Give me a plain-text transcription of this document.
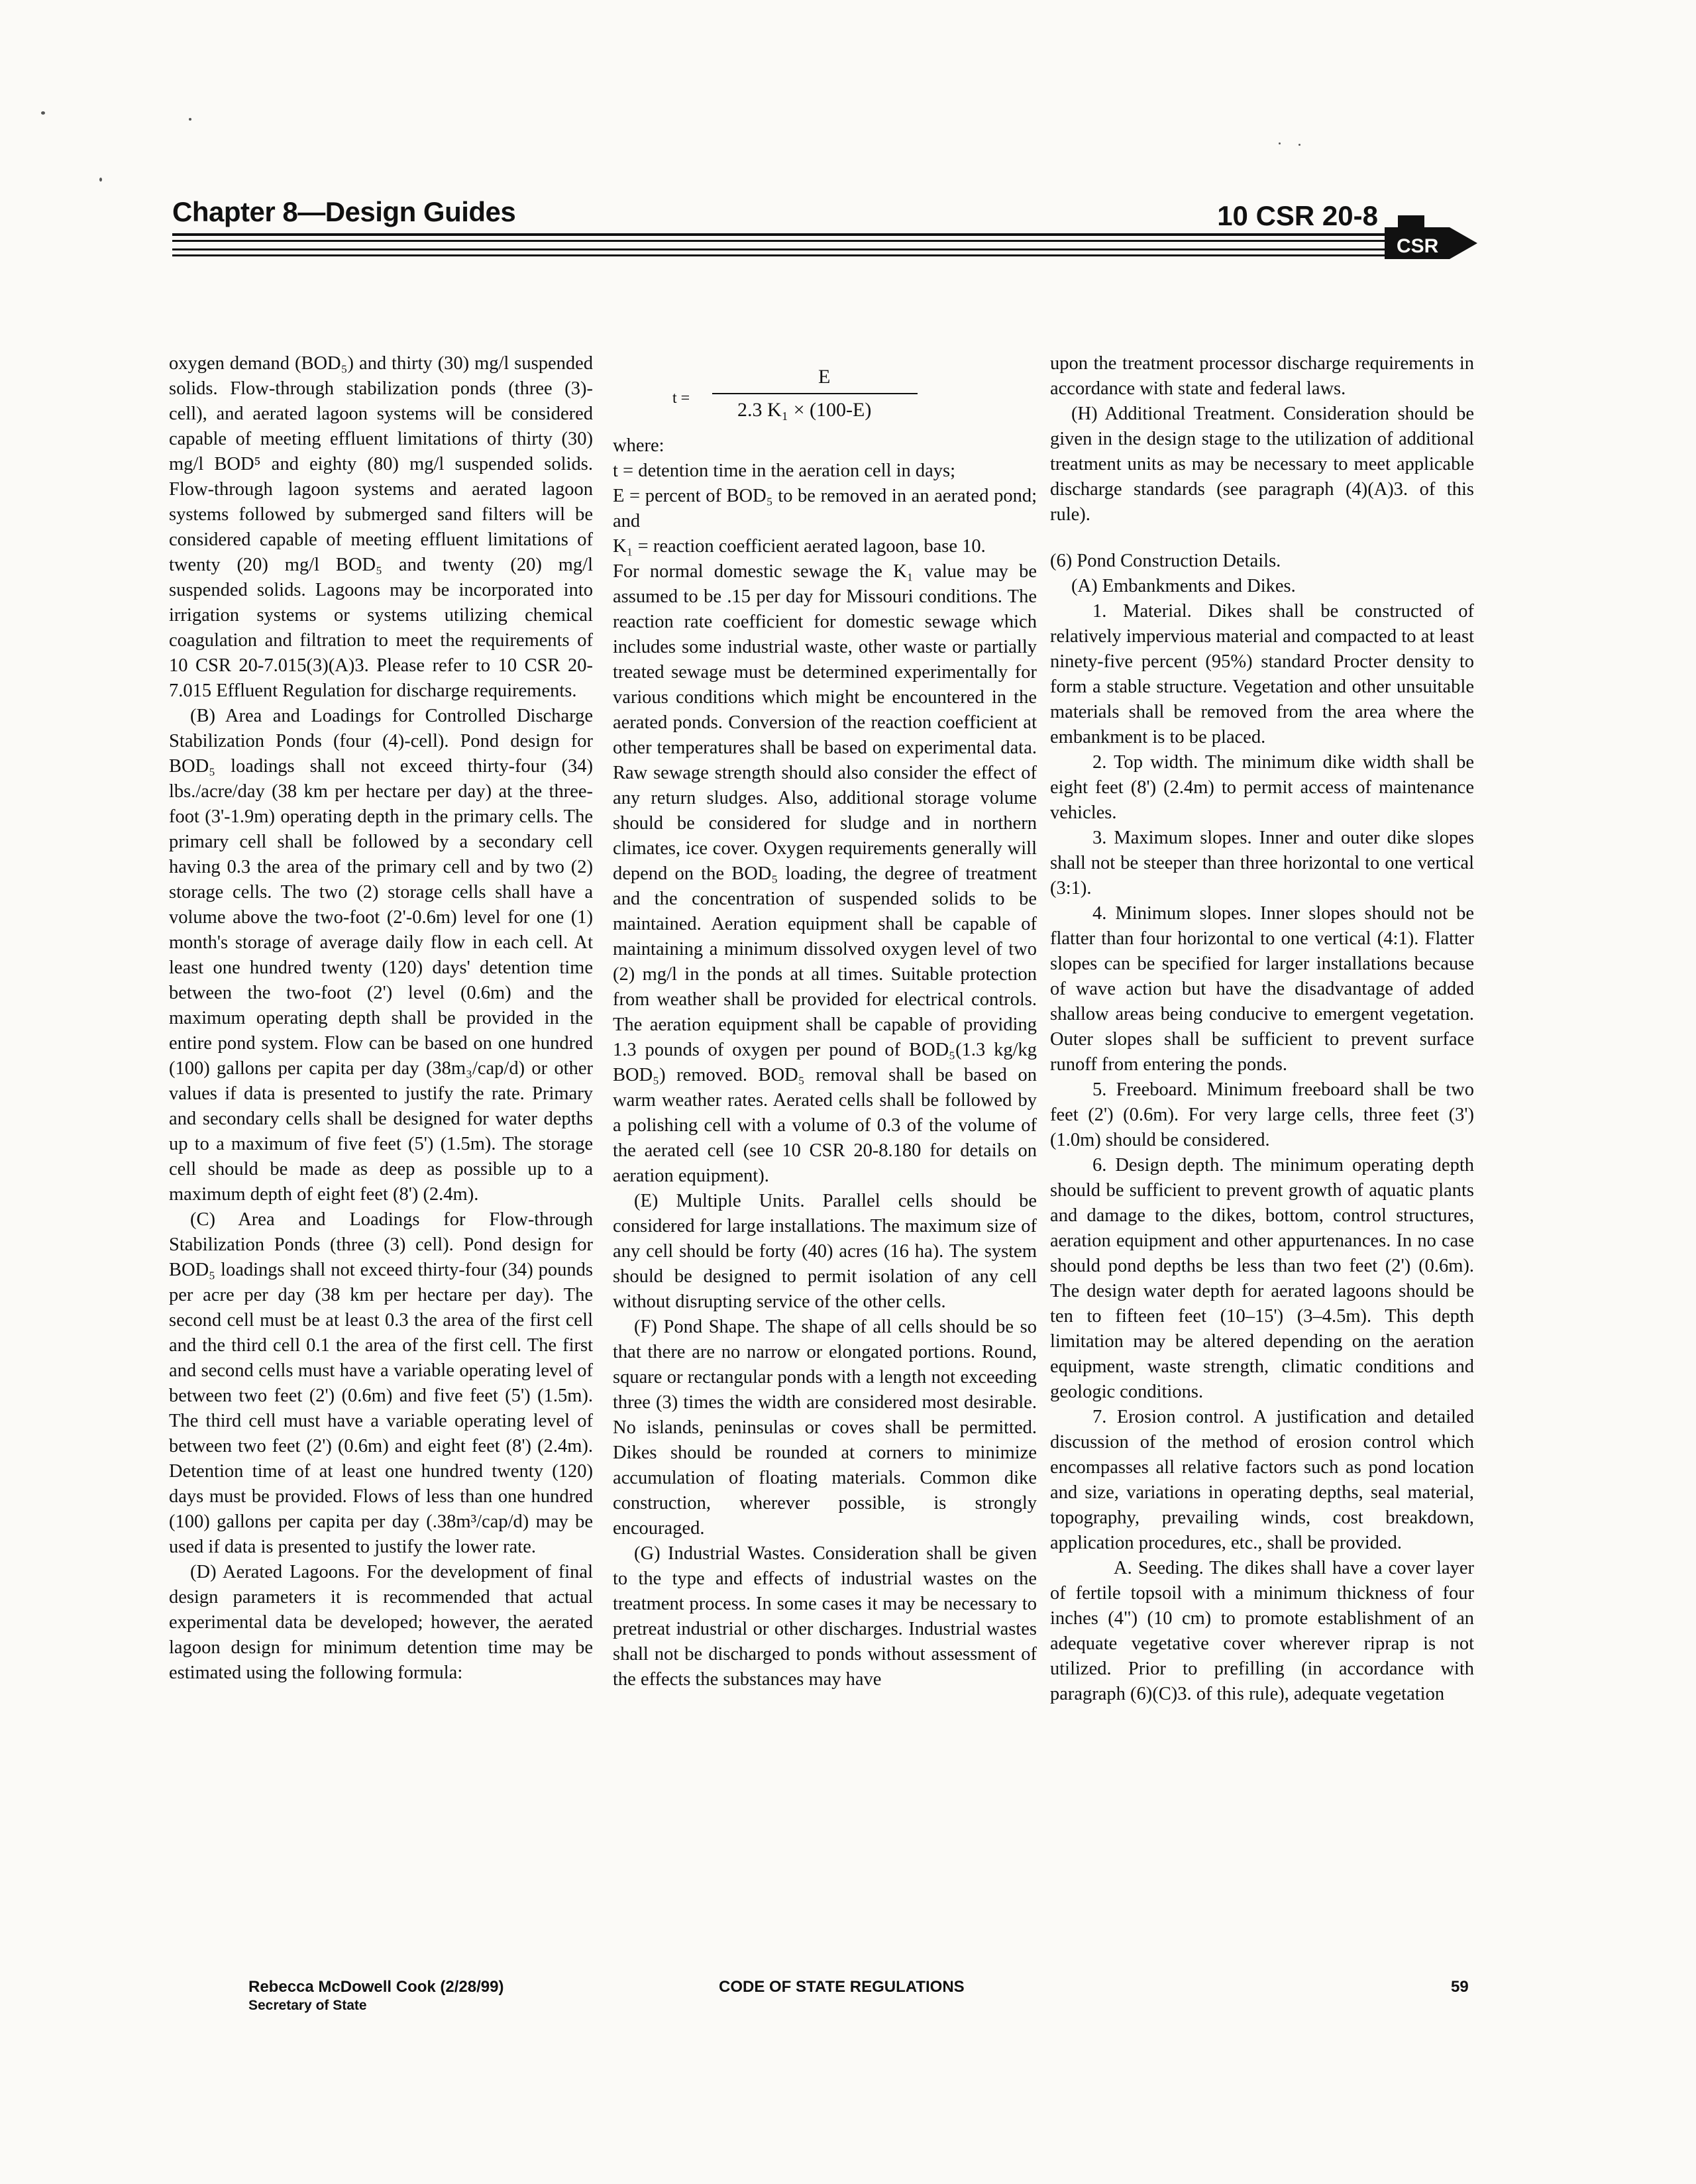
Chapter 8—Design Guides	10 CSR 20-8
CSR

oxygen demand (BOD₅) and thirty (30) mg/l suspended solids. Flow-through stabilization ponds (three (3)-cell), and aerated lagoon systems will be considered capable of meeting effluent limitations of thirty (30) mg/l BOD⁵ and eighty (80) mg/l suspended solids. Flow-through lagoon systems and aerated lagoon systems followed by submerged sand filters will be considered capable of meeting effluent limitations of twenty (20) mg/l BOD₅ and twenty (20) mg/l suspended solids. Lagoons may be incorporated into irrigation systems or systems utilizing chemical coagulation and filtration to meet the requirements of 10 CSR 20-7.015(3)(A)3. Please refer to 10 CSR 20-7.015 Effluent Regulation for discharge requirements.

(B) Area and Loadings for Controlled Discharge Stabilization Ponds (four (4)-cell). Pond design for BOD₅ loadings shall not exceed thirty-four (34) lbs./acre/day (38 km per hectare per day) at the three-foot (3'-1.9m) operating depth in the primary cells. The primary cell shall be followed by a secondary cell having 0.3 the area of the primary cell and by two (2) storage cells. The two (2) storage cells shall have a volume above the two-foot (2'-0.6m) level for one (1) month's storage of average daily flow in each cell. At least one hundred twenty (120) days' detention time between the two-foot (2') level (0.6m) and the maximum operating depth shall be provided in the entire pond system. Flow can be based on one hundred (100) gallons per capita per day (38m₃/cap/d) or other values if data is presented to justify the rate. Primary and secondary cells shall be designed for water depths up to a maximum of five feet (5') (1.5m). The storage cell should be made as deep as possible up to a maximum depth of eight feet (8') (2.4m).

(C) Area and Loadings for Flow-through Stabilization Ponds (three (3) cell). Pond design for BOD₅ loadings shall not exceed thirty-four (34) pounds per acre per day (38 km per hectare per day). The second cell must be at least 0.3 the area of the first cell and the third cell 0.1 the area of the first cell. The first and second cells must have a variable operating level of between two feet (2') (0.6m) and five feet (5') (1.5m). The third cell must have a variable operating level of between two feet (2') (0.6m) and eight feet (8') (2.4m). Detention time of at least one hundred twenty (120) days must be provided. Flows of less than one hundred (100) gallons per capita per day (.38m³/cap/d) may be used if data is presented to justify the lower rate.

(D) Aerated Lagoons. For the development of final design parameters it is recommended that actual experimental data be developed; however, the aerated lagoon design for minimum detention time may be estimated using the following formula:

t =
E
2.3 K₁ × (100-E)

where:

t = detention time in the aeration cell in days;

E = percent of BOD₅ to be removed in an aerated pond; and

K₁ = reaction coefficient aerated lagoon, base 10.

For normal domestic sewage the K₁ value may be assumed to be .15 per day for Missouri conditions. The reaction rate coefficient for domestic sewage which includes some industrial waste, other waste or partially treated sewage must be determined experimentally for various conditions which might be encountered in the aerated ponds. Conversion of the reaction coefficient at other temperatures shall be based on experimental data. Raw sewage strength should also consider the effect of any return sludges. Also, additional storage volume should be considered for sludge and in northern climates, ice cover. Oxygen requirements generally will depend on the BOD₅ loading, the degree of treatment and the concentration of suspended solids to be maintained. Aeration equipment shall be capable of maintaining a minimum dissolved oxygen level of two (2) mg/l in the ponds at all times. Suitable protection from weather shall be provided for electrical controls. The aeration equipment shall be capable of providing 1.3 pounds of oxygen per pound of BOD₅(1.3 kg/kg BOD₅) removed. BOD₅ removal shall be based on warm weather rates. Aerated cells shall be followed by a polishing cell with a volume of 0.3 of the volume of the aerated cell (see 10 CSR 20-8.180 for details on aeration equipment).

(E) Multiple Units. Parallel cells should be considered for large installations. The maximum size of any cell should be forty (40) acres (16 ha). The system should be designed to permit isolation of any cell without disrupting service of the other cells.

(F) Pond Shape. The shape of all cells should be so that there are no narrow or elongated portions. Round, square or rectangular ponds with a length not exceeding three (3) times the width are considered most desirable. No islands, peninsulas or coves shall be permitted. Dikes should be rounded at corners to minimize accumulation of floating materials. Common dike construction, wherever possible, is strongly encouraged.

(G) Industrial Wastes. Consideration shall be given to the type and effects of industrial wastes on the treatment process. In some cases it may be necessary to pretreat industrial or other discharges. Industrial wastes shall not be discharged to ponds without assessment of the effects the substances may have

upon the treatment processor discharge requirements in accordance with state and federal laws.

(H) Additional Treatment. Consideration should be given in the design stage to the utilization of additional treatment units as may be necessary to meet applicable discharge standards (see paragraph (4)(A)3. of this rule).

(6) Pond Construction Details.

(A) Embankments and Dikes.

1. Material. Dikes shall be constructed of relatively impervious material and compacted to at least ninety-five percent (95%) standard Procter density to form a stable structure. Vegetation and other unsuitable materials shall be removed from the area where the embankment is to be placed.

2. Top width. The minimum dike width shall be eight feet (8') (2.4m) to permit access of maintenance vehicles.

3. Maximum slopes. Inner and outer dike slopes shall not be steeper than three horizontal to one vertical (3:1).

4. Minimum slopes. Inner slopes should not be flatter than four horizontal to one vertical (4:1). Flatter slopes can be specified for larger installations because of wave action but have the disadvantage of added shallow areas being conducive to emergent vegetation. Outer slopes shall be sufficient to prevent surface runoff from entering the ponds.

5. Freeboard. Minimum freeboard shall be two feet (2') (0.6m). For very large cells, three feet (3') (1.0m) should be considered.

6. Design depth. The minimum operating depth should be sufficient to prevent growth of aquatic plants and damage to the dikes, bottom, control structures, aeration equipment and other appurtenances. In no case should pond depths be less than two feet (2') (0.6m). The design water depth for aerated lagoons should be ten to fifteen feet (10–15') (3–4.5m). This depth limitation may be altered depending on the aeration equipment, waste strength, climatic conditions and geologic conditions.

7. Erosion control. A justification and detailed discussion of the method of erosion control which encompasses all relative factors such as pond location and size, variations in operating depths, seal material, topography, prevailing winds, cost breakdown, application procedures, etc., shall be provided.

A. Seeding. The dikes shall have a cover layer of fertile topsoil with a minimum thickness of four inches (4") (10 cm) to promote establishment of an adequate vegetative cover wherever riprap is not utilized. Prior to prefilling (in accordance with paragraph (6)(C)3. of this rule), adequate vegetation

Rebecca McDowell Cook (2/28/99)
Secretary of State
CODE OF STATE REGULATIONS	59
